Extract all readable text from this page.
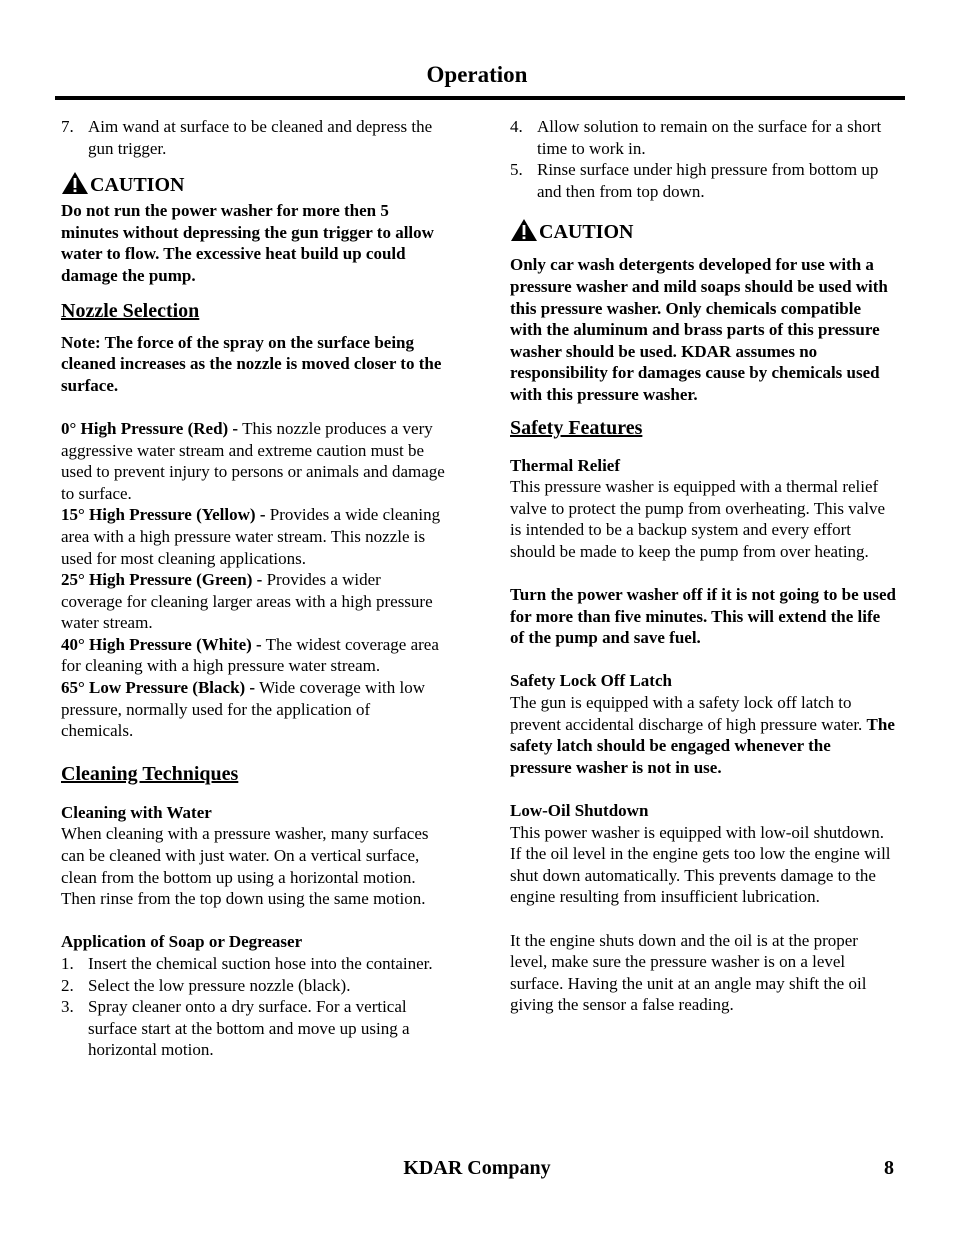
Operation
7. Aim wand at surface to be cleaned and depress the gun trigger.
CAUTION

Do not run the power washer for more then 5 minutes without depressing the gun trigger to allow water to flow. The excessive heat build up could damage the pump.

Nozzle Selection

Note: The force of the spray on the surface being cleaned increases as the nozzle is moved closer to the surface.

0° High Pressure (Red) - This nozzle produces a very aggressive water stream and extreme caution must be used to prevent injury to persons or animals and damage to surface.

15° High Pressure (Yellow) - Provides a wide cleaning area with a high pressure water stream. This nozzle is used for most cleaning applications.

25° High Pressure (Green) - Provides a wider coverage for cleaning larger areas with a high pressure water stream.

40° High Pressure (White) - The widest coverage area for cleaning with a high pressure water stream.

65° Low Pressure (Black) - Wide coverage with low pressure, normally used for the application of chemicals.

Cleaning Techniques

Cleaning with Water

When cleaning with a pressure washer, many surfaces can be cleaned with just water. On a vertical surface, clean from the bottom up using a horizontal motion. Then rinse from the top down using the same motion.

Application of Soap or Degreaser

1. Insert the chemical suction hose into the container.
2. Select the low pressure nozzle (black).
3. Spray cleaner onto a dry surface. For a vertical surface start at the bottom and move up using a horizontal motion.
4. Allow solution to remain on the surface for a short time to work in.
5. Rinse surface under high pressure from bottom up and then from top down.
CAUTION

Only car wash detergents developed for use with a pressure washer and mild soaps should be used with this pressure washer. Only chemicals compatible with the aluminum and brass parts of this pressure washer should be used. KDAR assumes no responsibility for damages cause by chemicals used with this pressure washer.

Safety Features

Thermal Relief

This pressure washer is equipped with a thermal relief valve to protect the pump from overheating. This valve is intended to be a backup system and every effort should be made to keep the pump from over heating.

Turn the power washer off if it is not going to be used for more than five minutes. This will extend the life of the pump and save fuel.

Safety Lock Off Latch

The gun is equipped with a safety lock off latch to prevent accidental discharge of high pressure water. The safety latch should be engaged whenever the pressure washer is not in use.

Low-Oil Shutdown

This power washer is equipped with low-oil shutdown. If the oil level in the engine gets too low the engine will shut down automatically. This prevents damage to the engine resulting from insufficient lubrication.

It the engine shuts down and the oil is at the proper level, make sure the pressure washer is on a level surface. Having the unit at an angle may shift the oil giving the sensor a false reading.

KDAR Company	8
